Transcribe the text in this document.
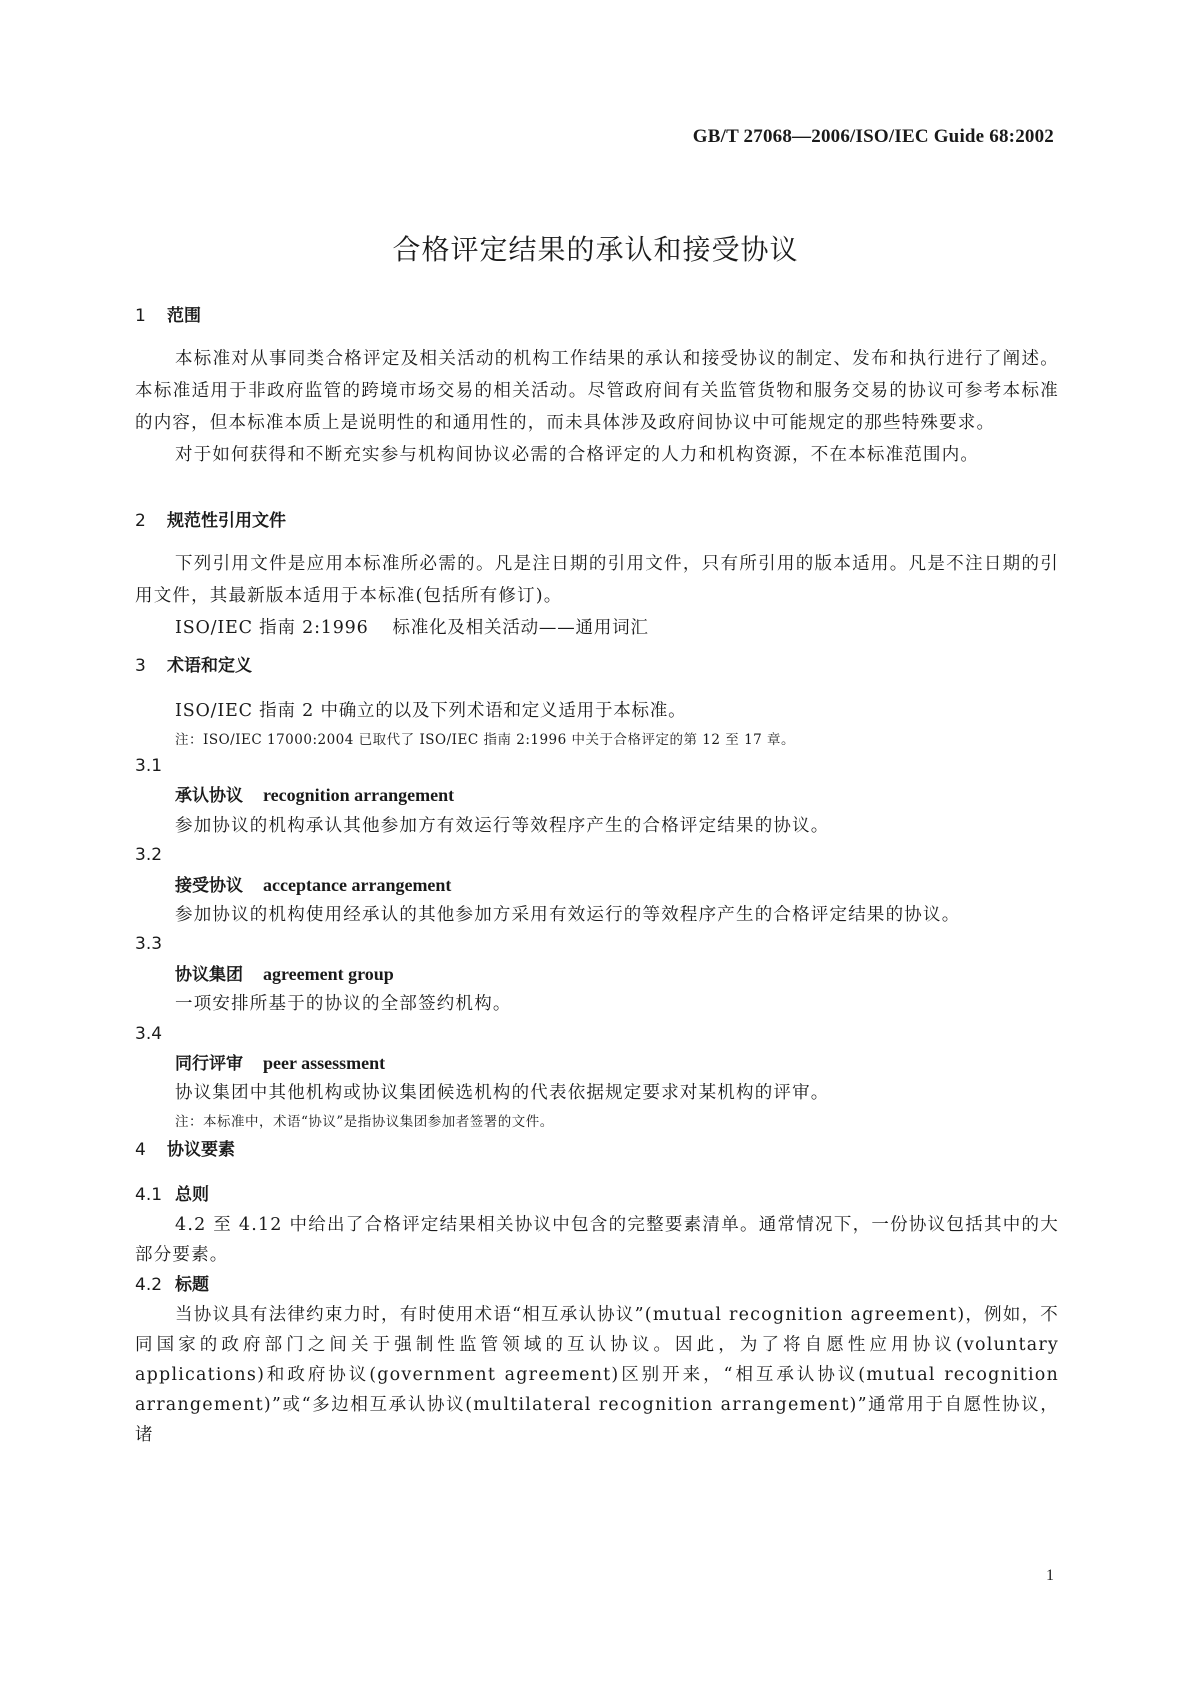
GB/T 27068—2006/ISO/IEC Guide 68:2002
合格评定结果的承认和接受协议
1 范围
本标准对从事同类合格评定及相关活动的机构工作结果的承认和接受协议的制定、发布和执行进行了阐述。本标准适用于非政府监管的跨境市场交易的相关活动。尽管政府间有关监管货物和服务交易的协议可参考本标准的内容，但本标准本质上是说明性的和通用性的，而未具体涉及政府间协议中可能规定的那些特殊要求。
对于如何获得和不断充实参与机构间协议必需的合格评定的人力和机构资源，不在本标准范围内。
2 规范性引用文件
下列引用文件是应用本标准所必需的。凡是注日期的引用文件，只有所引用的版本适用。凡是不注日期的引用文件，其最新版本适用于本标准(包括所有修订)。
ISO/IEC 指南 2:1996 标准化及相关活动——通用词汇
3 术语和定义
ISO/IEC 指南 2 中确立的以及下列术语和定义适用于本标准。
注：ISO/IEC 17000:2004 已取代了 ISO/IEC 指南 2:1996 中关于合格评定的第 12 至 17 章。
3.1
承认协议 recognition arrangement
参加协议的机构承认其他参加方有效运行等效程序产生的合格评定结果的协议。
3.2
接受协议 acceptance arrangement
参加协议的机构使用经承认的其他参加方采用有效运行的等效程序产生的合格评定结果的协议。
3.3
协议集团 agreement group
一项安排所基于的协议的全部签约机构。
3.4
同行评审 peer assessment
协议集团中其他机构或协议集团候选机构的代表依据规定要求对某机构的评审。
注：本标准中，术语“协议”是指协议集团参加者签署的文件。
4 协议要素
4.1 总则
4.2 至 4.12 中给出了合格评定结果相关协议中包含的完整要素清单。通常情况下，一份协议包括其中的大部分要素。
4.2 标题
当协议具有法律约束力时，有时使用术语“相互承认协议”(mutual recognition agreement)，例如，不同国家的政府部门之间关于强制性监管领域的互认协议。因此，为了将自愿性应用协议(voluntary applications)和政府协议(government agreement)区别开来，“相互承认协议(mutual recognition arrangement)”或“多边相互承认协议(multilateral recognition arrangement)”通常用于自愿性协议，诸
1
